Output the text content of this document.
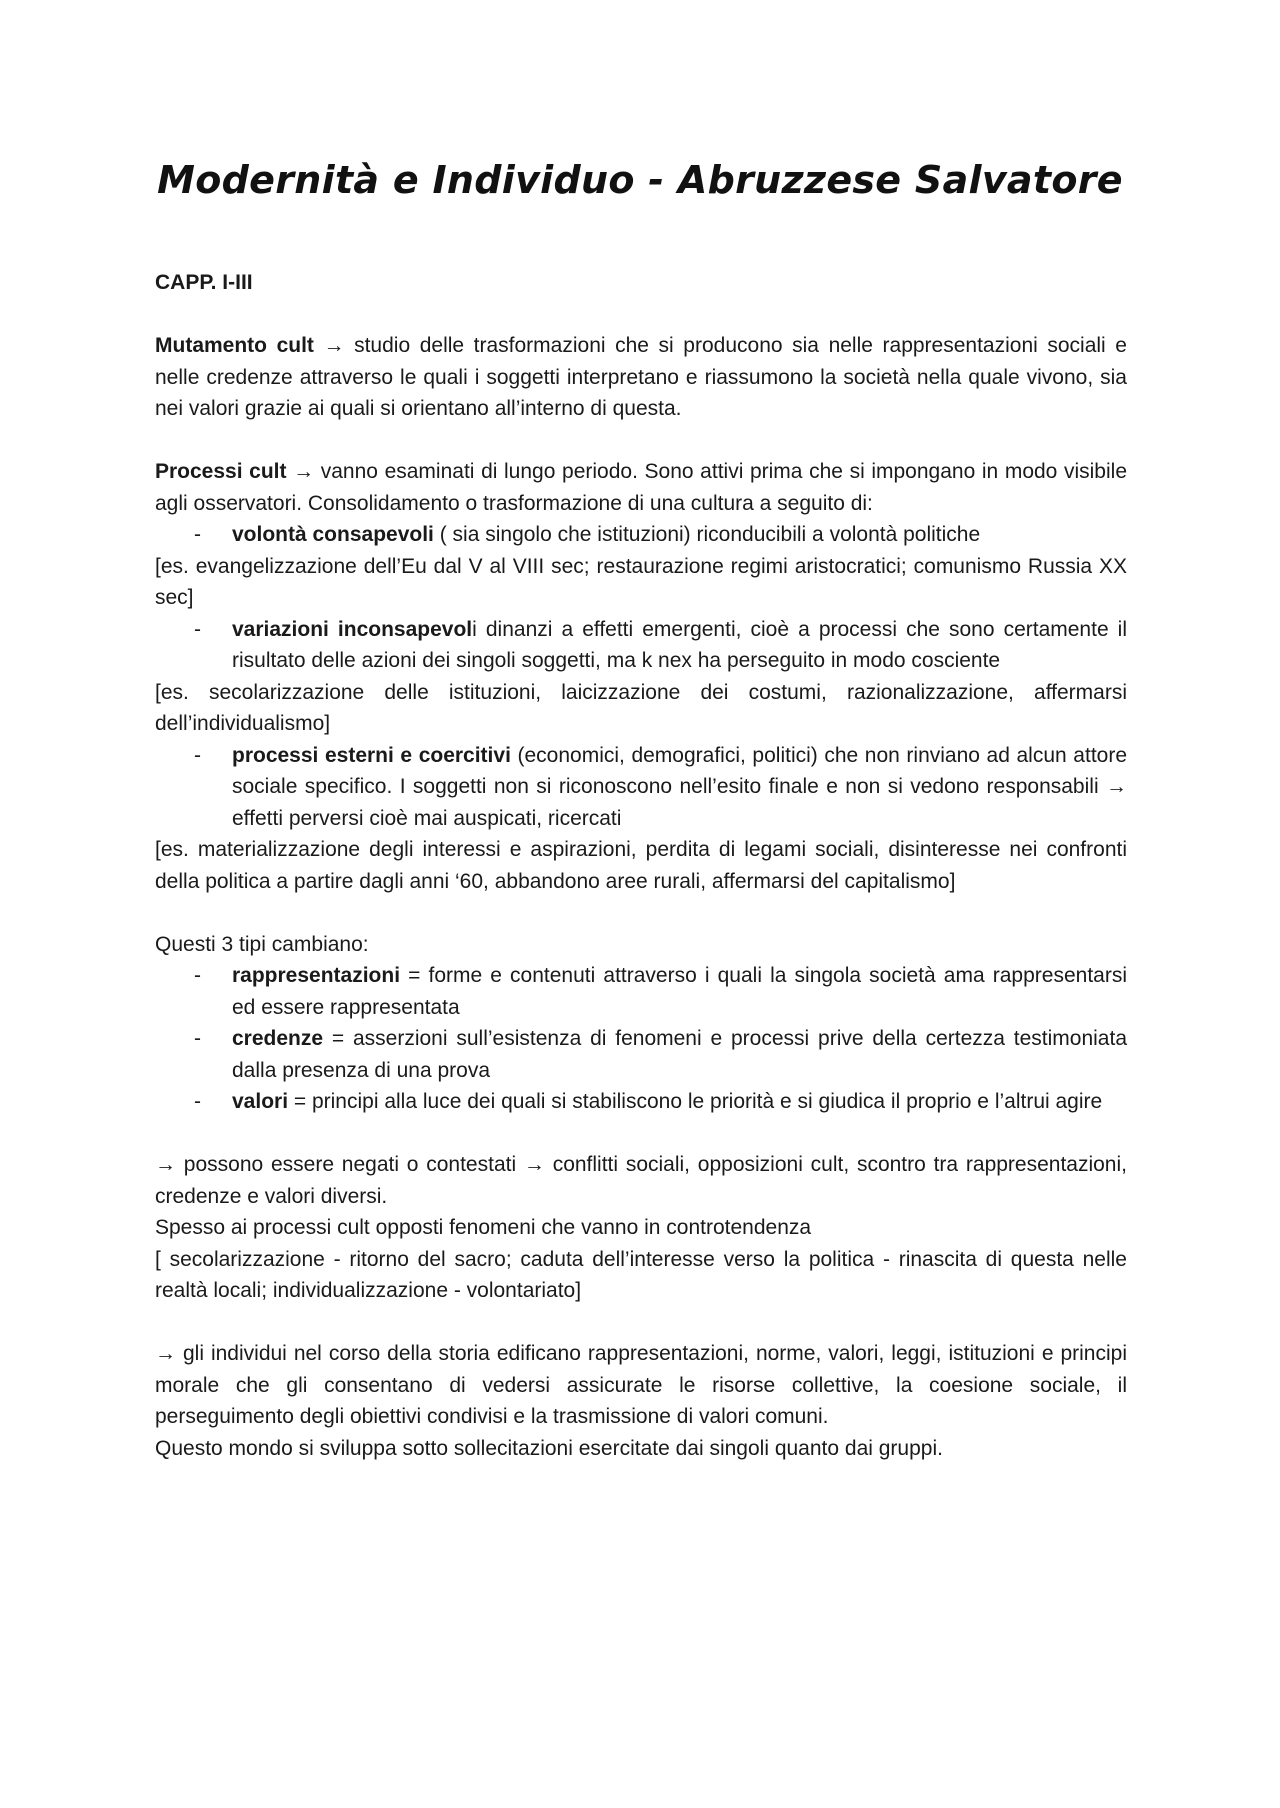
Modernità e Individuo - Abruzzese Salvatore

CAPP. I-III

Mutamento cult → studio delle trasformazioni che si producono sia nelle rappresentazioni sociali e nelle credenze attraverso le quali i soggetti interpretano e riassumono la società nella quale vivono, sia nei valori grazie ai quali si orientano all’interno di questa.

Processi cult → vanno esaminati di lungo periodo. Sono attivi prima che si impongano in modo visibile agli osservatori. Consolidamento o trasformazione di una cultura a seguito di:

- volontà consapevoli ( sia singolo che istituzioni) riconducibili a volontà politiche

[es. evangelizzazione dell’Eu dal V al VIII sec; restaurazione regimi aristocratici; comunismo Russia XX sec]

- variazioni inconsapevoli dinanzi a effetti emergenti, cioè a processi che sono certamente il risultato delle azioni dei singoli soggetti, ma k nex ha perseguito in modo cosciente

[es. secolarizzazione delle istituzioni, laicizzazione dei costumi, razionalizzazione, affermarsi dell’individualismo]

- processi esterni e coercitivi (economici, demografici, politici) che non rinviano ad alcun attore sociale specifico. I soggetti non si riconoscono nell’esito finale e non si vedono responsabili → effetti perversi cioè mai auspicati, ricercati

[es. materializzazione degli interessi e aspirazioni, perdita di legami sociali, disinteresse nei confronti della politica a partire dagli anni ‘60, abbandono aree rurali, affermarsi del capitalismo]

Questi 3 tipi cambiano:

- rappresentazioni = forme e contenuti attraverso i quali la singola società ama rappresentarsi ed essere rappresentata
- credenze = asserzioni sull’esistenza di fenomeni e processi prive della certezza testimoniata dalla presenza di una prova
- valori = principi alla luce dei quali si stabiliscono le priorità e si giudica il proprio e l’altrui agire

→ possono essere negati o contestati → conflitti sociali, opposizioni cult, scontro tra rappresentazioni, credenze e valori diversi.

Spesso ai processi cult opposti fenomeni che vanno in controtendenza

[ secolarizzazione - ritorno del sacro; caduta dell’interesse verso la politica - rinascita di questa nelle realtà locali; individualizzazione - volontariato]

→ gli individui nel corso della storia edificano rappresentazioni, norme, valori, leggi, istituzioni e principi morale che gli consentano di vedersi assicurate le risorse collettive, la coesione sociale, il perseguimento degli obiettivi condivisi e la trasmissione di valori comuni.

Questo mondo si sviluppa sotto sollecitazioni esercitate dai singoli quanto dai gruppi.
